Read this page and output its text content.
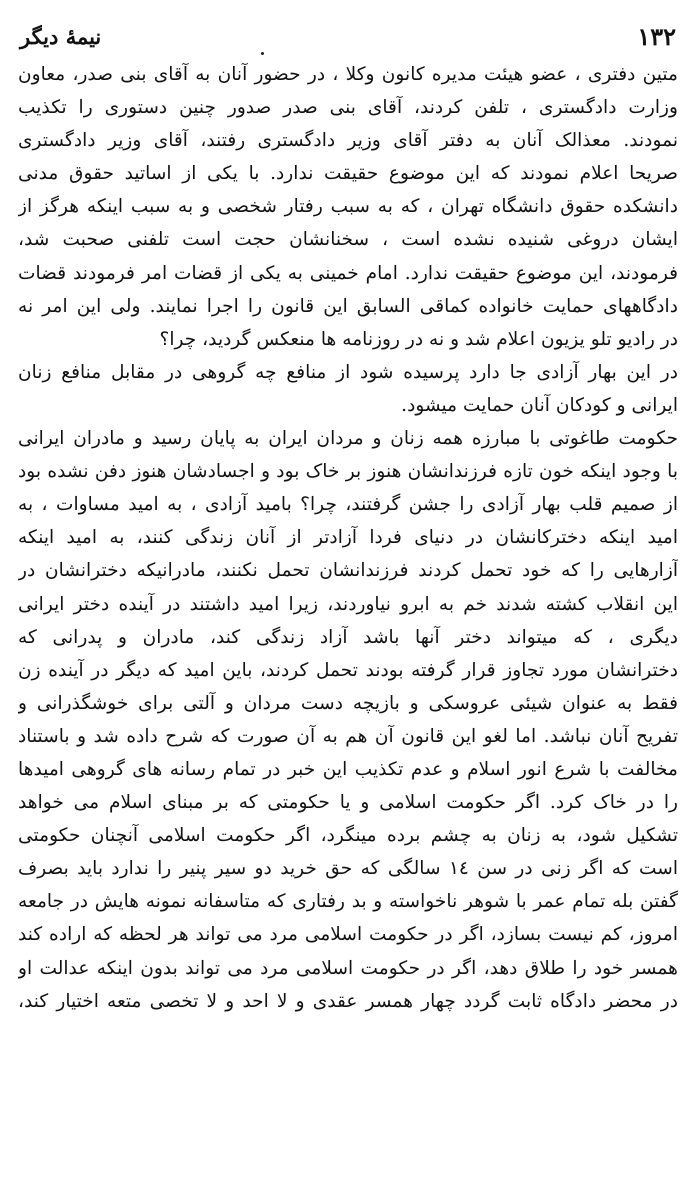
١٣٢
نیمهٔ دیگر
متین دفتری ، عضو هیئت مدیره کانون وکلا ، در حضور آنان به آقای بنی صدر، معاون
وزارت دادگستری ، تلفن کردند، آقای بنی صدر صدور چنین دستوری را تکذیب
نمودند. معذالک آنان به دفتر آقای وزیر دادگستری رفتند، آقای وزیر دادگستری
صریحا اعلام نمودند که این موضوع حقیقت ندارد. با یکی از اساتید حقوق مدنی
دانشکده حقوق دانشگاه تهران ، که به سبب رفتار شخصی و به سبب اینکه هرگز از
ایشان دروغی شنیده نشده است ، سخنانشان حجت است تلفنی صحبت شد،
فرمودند، این موضوع حقیقت ندارد. امام خمینی به یکی از قضات امر فرمودند قضات
دادگاههای حمایت خانواده کماقی السابق این قانون را اجرا نمایند. ولی این امر نه
در رادیو تلو یزیون اعلام شد و نه در روزنامه ها منعکس گردید، چرا؟
در این بهار آزادی جا دارد پرسیده شود از منافع چه گروهی در مقابل منافع زنان
ایرانی و کودکان آنان حمایت میشود.
حکومت طاغوتی با مبارزه همه زنان و مردان ایران به پایان رسید و مادران ایرانی
با وجود اینکه خون تازه فرزندانشان هنوز بر خاک بود و اجسادشان هنوز دفن نشده بود
از صمیم قلب بهار آزادی را جشن گرفتند، چرا؟ بامید آزادی ، به امید مساوات ، به
امید اینکه دخترکانشان در دنیای فردا آزادتر از آنان زندگی کنند، به امید اینکه
آزارهایی را که خود تحمل کردند فرزندانشان تحمل نکنند، مادرانیکه دخترانشان در
این انقلاب کشته شدند خم به ابرو نیاوردند، زیرا امید داشتند در آینده دختر ایرانی
دیگری ، که میتواند دختر آنها باشد آزاد زندگی کند، مادران و پدرانی که
دخترانشان مورد تجاوز قرار گرفته بودند تحمل کردند، باین امید که دیگر در آینده زن
فقط به عنوان شیئی عروسکی و بازیچه دست مردان و آلتی برای خوشگذرانی و
تفریح آنان نباشد. اما لغو این قانون آن هم به آن صورت که شرح داده شد و باستناد
مخالفت با شرع انور اسلام و عدم تکذیب این خبر در تمام رسانه های گروهی امیدها
را در خاک کرد. اگر حکومت اسلامی و یا حکومتی که بر مبنای اسلام می خواهد
تشکیل شود، به زنان به چشم برده مینگرد، اگر حکومت اسلامی آنچنان حکومتی
است که اگر زنی در سن ١٤ سالگی که حق خرید دو سیر پنیر را ندارد باید بصرف
گفتن بله تمام عمر با شوهر ناخواسته و بد رفتاری که متاسفانه نمونه هایش در جامعه
امروز، کم نیست بسازد، اگر در حکومت اسلامی مرد می تواند هر لحظه که اراده کند
همسر خود را طلاق دهد، اگر در حکومت اسلامی مرد می تواند بدون اینکه عدالت او
در محضر دادگاه ثابت گردد چهار همسر عقدی و لا احد و لا تخصی متعه اختیار کند،
